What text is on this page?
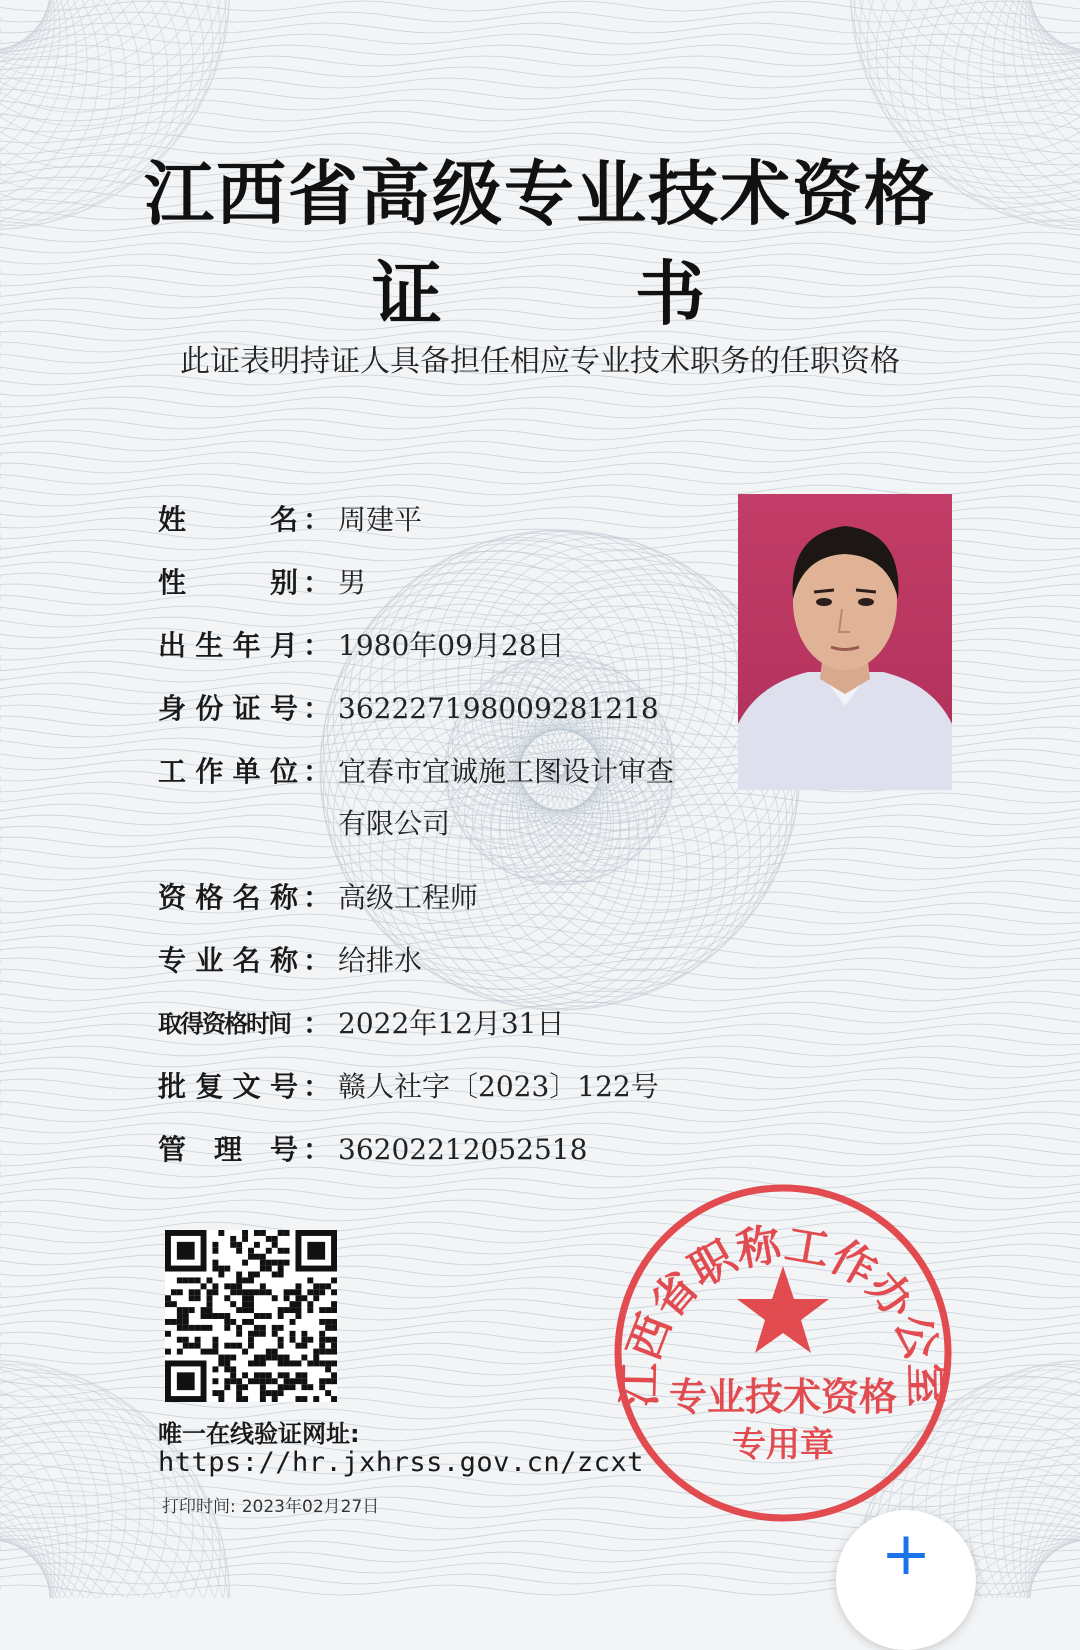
江西省高级专业技术资格
证	书
此证表明持证人具备担任相应专业技术职务的任职资格
姓	名 ： 周建平
性	别 ： 男
出 生 年 月 ： 1980年09月28日
身 份 证 号 ： 362227198009281218
工 作 单 位 ： 宜春市宜诚施工图设计审查
有限公司
资 格 名 称 ： 高级工程师
专 业 名 称 ： 给排水
取得资格时间 ： 2022年12月31日
批 复 文 号 ： 赣人社字〔2023〕122号
管 理 号 ： 36202212052518
唯一在线验证网址:
https://hr.jxhrss.gov.cn/zcxt
打印时间: 2023年02月27日
江西省职称工作办公室
专业技术资格
专用章
+
